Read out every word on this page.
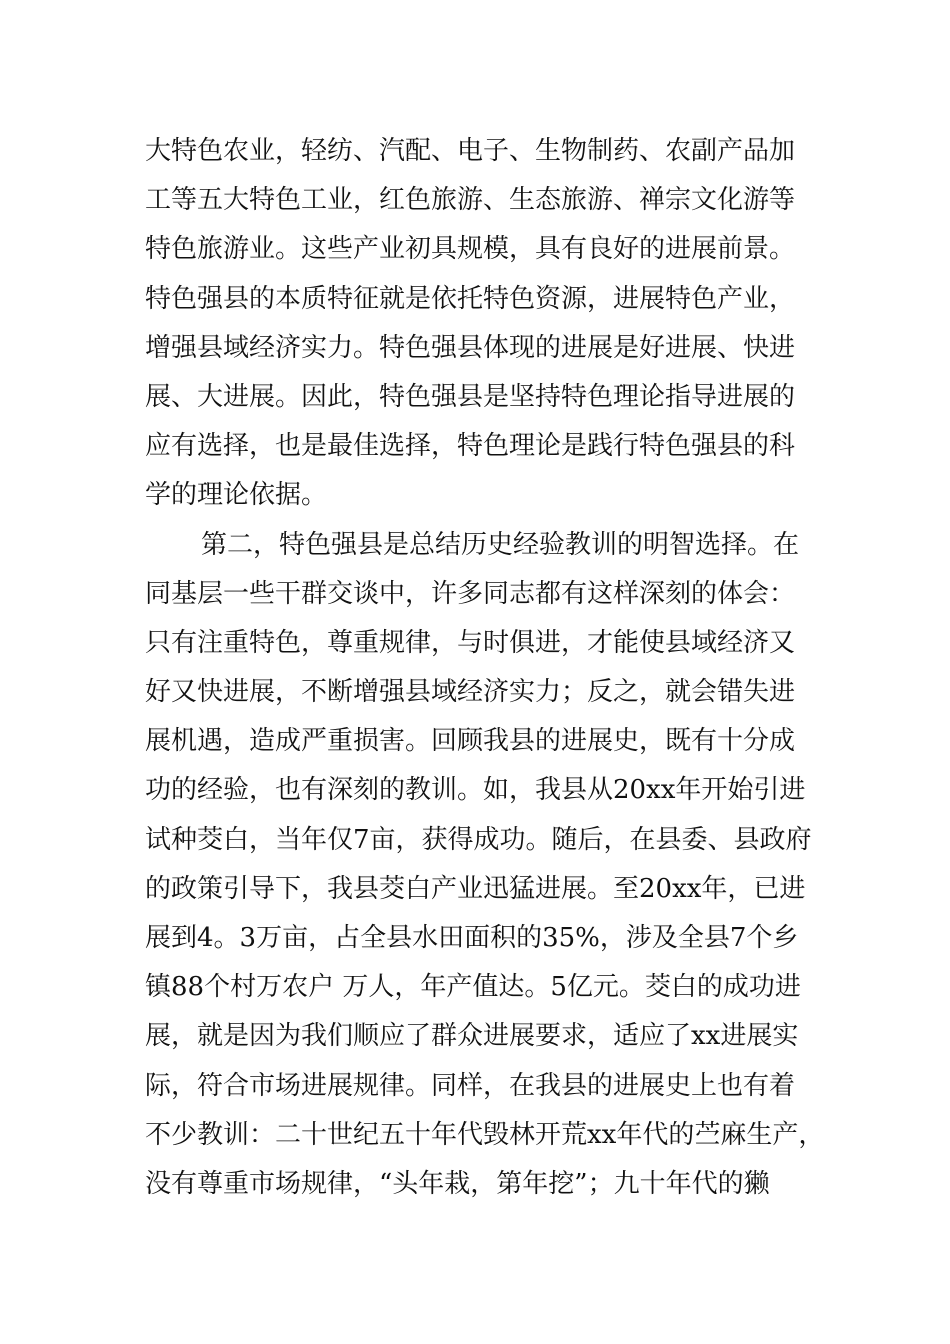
大特色农业，轻纺、汽配、电子、生物制药、农副产品加
工等五大特色工业，红色旅游、生态旅游、禅宗文化游等
特色旅游业。这些产业初具规模，具有良好的进展前景。
特色强县的本质特征就是依托特色资源，进展特色产业，
增强县域经济实力。特色强县体现的进展是好进展、快进
展、大进展。因此，特色强县是坚持特色理论指导进展的
应有选择，也是最佳选择，特色理论是践行特色强县的科
学的理论依据。
第二，特色强县是总结历史经验教训的明智选择。在
同基层一些干群交谈中，许多同志都有这样深刻的体会：
只有注重特色，尊重规律，与时俱进，才能使县域经济又
好又快进展，不断增强县域经济实力；反之，就会错失进
展机遇，造成严重损害。回顾我县的进展史，既有十分成
功的经验，也有深刻的教训。如，我县从20xx年开始引进
试种茭白，当年仅7亩，获得成功。随后，在县委、县政府
的政策引导下，我县茭白产业迅猛进展。至20xx年，已进
展到4。3万亩，占全县水田面积的35%，涉及全县7个乡
镇88个村万农户 万人，年产值达。5亿元。茭白的成功进
展，就是因为我们顺应了群众进展要求，适应了xx进展实
际，符合市场进展规律。同样，在我县的进展史上也有着
不少教训：二十世纪五十年代毁林开荒xx年代的苎麻生产，
没有尊重市场规律，“头年栽，第年挖”；九十年代的獭
